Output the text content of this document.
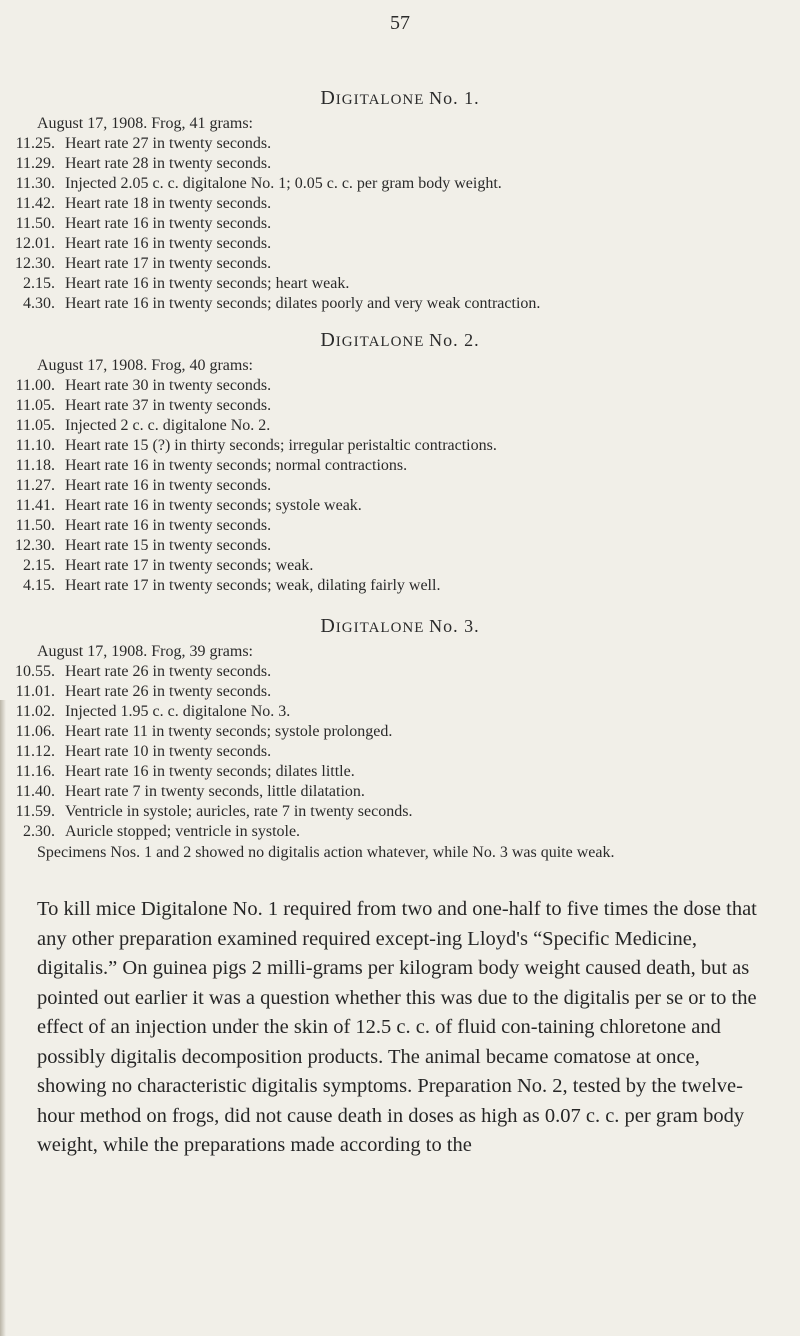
57
DIGITALONE No. 1.
August 17, 1908. Frog, 41 grams:
11.25. Heart rate 27 in twenty seconds.
11.29. Heart rate 28 in twenty seconds.
11.30. Injected 2.05 c. c. digitalone No. 1; 0.05 c. c. per gram body weight.
11.42. Heart rate 18 in twenty seconds.
11.50. Heart rate 16 in twenty seconds.
12.01. Heart rate 16 in twenty seconds.
12.30. Heart rate 17 in twenty seconds.
2.15. Heart rate 16 in twenty seconds; heart weak.
4.30. Heart rate 16 in twenty seconds; dilates poorly and very weak contraction.
DIGITALONE No. 2.
August 17, 1908. Frog, 40 grams:
11.00. Heart rate 30 in twenty seconds.
11.05. Heart rate 37 in twenty seconds.
11.05. Injected 2 c. c. digitalone No. 2.
11.10. Heart rate 15 (?) in thirty seconds; irregular peristaltic contractions.
11.18. Heart rate 16 in twenty seconds; normal contractions.
11.27. Heart rate 16 in twenty seconds.
11.41. Heart rate 16 in twenty seconds; systole weak.
11.50. Heart rate 16 in twenty seconds.
12.30. Heart rate 15 in twenty seconds.
2.15. Heart rate 17 in twenty seconds; weak.
4.15. Heart rate 17 in twenty seconds; weak, dilating fairly well.
DIGITALONE No. 3.
August 17, 1908. Frog, 39 grams:
10.55. Heart rate 26 in twenty seconds.
11.01. Heart rate 26 in twenty seconds.
11.02. Injected 1.95 c. c. digitalone No. 3.
11.06. Heart rate 11 in twenty seconds; systole prolonged.
11.12. Heart rate 10 in twenty seconds.
11.16. Heart rate 16 in twenty seconds; dilates little.
11.40. Heart rate 7 in twenty seconds, little dilatation.
11.59. Ventricle in systole; auricles, rate 7 in twenty seconds.
2.30. Auricle stopped; ventricle in systole.
Specimens Nos. 1 and 2 showed no digitalis action whatever, while No. 3 was quite weak.
To kill mice Digitalone No. 1 required from two and one-half to five times the dose that any other preparation examined required except-ing Lloyd's “Specific Medicine, digitalis.” On guinea pigs 2 milli-grams per kilogram body weight caused death, but as pointed out earlier it was a question whether this was due to the digitalis per se or to the effect of an injection under the skin of 12.5 c. c. of fluid con-taining chloretone and possibly digitalis decomposition products. The animal became comatose at once, showing no characteristic digitalis symptoms. Preparation No. 2, tested by the twelve-hour method on frogs, did not cause death in doses as high as 0.07 c. c. per gram body weight, while the preparations made according to the
